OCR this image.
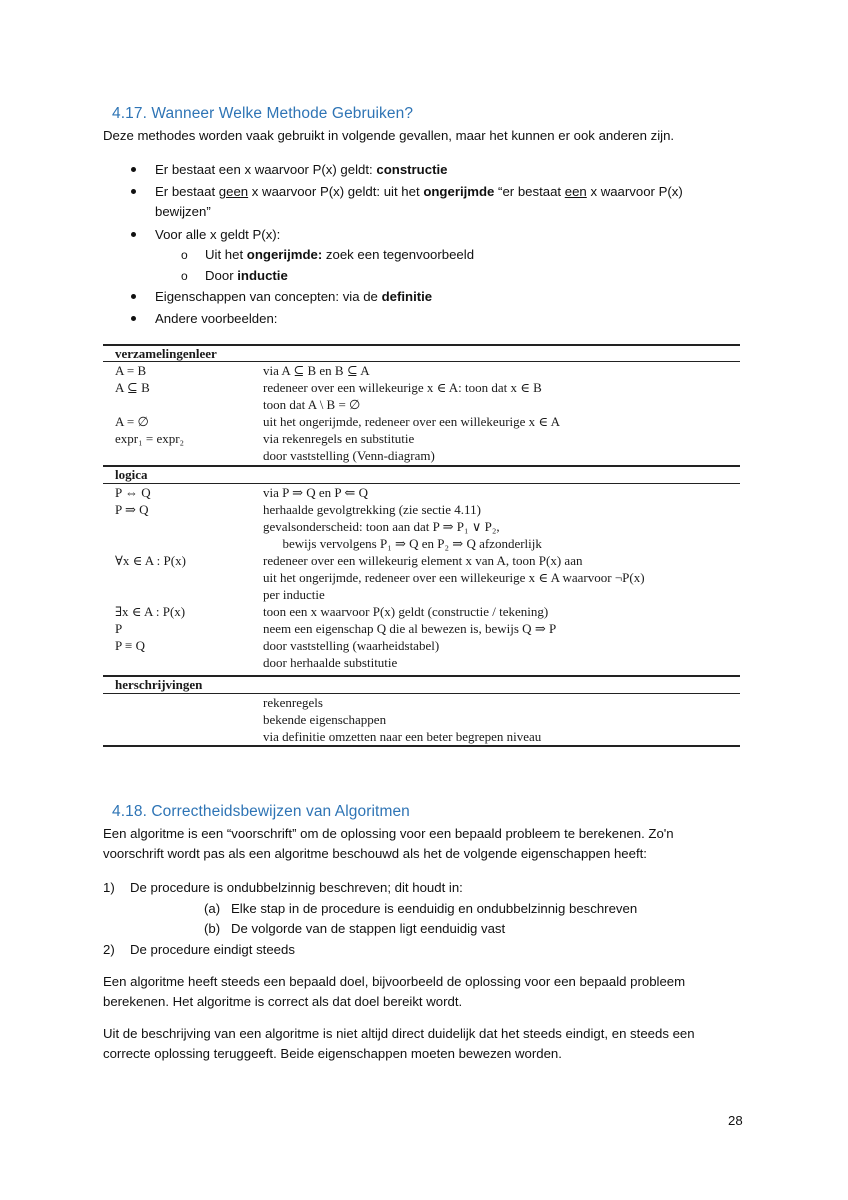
4.17. Wanneer Welke Methode Gebruiken?
Deze methodes worden vaak gebruikt in volgende gevallen, maar het kunnen er ook anderen zijn.
Er bestaat een x waarvoor P(x) geldt: constructie
Er bestaat geen x waarvoor P(x) geldt: uit het ongerijmde “er bestaat een x waarvoor P(x)
bewijzen”
Voor alle x geldt P(x):
o Uit het ongerijmde: zoek een tegenvoorbeeld
o Door inductie
Eigenschappen van concepten: via de definitie
Andere voorbeelden:
verzamelingenleer
A = B	via A ⊆ B en B ⊆ A
A ⊆ B	redeneer over een willekeurige x ∈ A: toon dat x ∈ B
toon dat A \ B = ∅
A = ∅	uit het ongerijmde, redeneer over een willekeurige x ∈ A
expr₁ = expr₂	via rekenregels en substitutie
door vaststelling (Venn-diagram)
logica
P ⇔ Q	via P ⇒ Q en P ⇐ Q
P ⇒ Q	herhaalde gevolgtrekking (zie sectie 4.11)
gevalsonderscheid: toon aan dat P ⇒ P₁ ∨ P₂,
bewijs vervolgens P₁ ⇒ Q en P₂ ⇒ Q afzonderlijk
∀x ∈ A : P(x)	redeneer over een willekeurig element x van A, toon P(x) aan
uit het ongerijmde, redeneer over een willekeurige x ∈ A waarvoor ¬P(x)
per inductie
∃x ∈ A : P(x)	toon een x waarvoor P(x) geldt (constructie / tekening)
P	neem een eigenschap Q die al bewezen is, bewijs Q ⇒ P
P ≡ Q	door vaststelling (waarheidstabel)
door herhaalde substitutie
herschrijvingen
rekenregels
bekende eigenschappen
via definitie omzetten naar een beter begrepen niveau
4.18. Correctheidsbewijzen van Algoritmen
Een algoritme is een “voorschrift” om de oplossing voor een bepaald probleem te berekenen. Zo'n
voorschrift wordt pas als een algoritme beschouwd als het de volgende eigenschappen heeft:
1) De procedure is ondubbelzinnig beschreven; dit houdt in:
(a) Elke stap in de procedure is eenduidig en ondubbelzinnig beschreven
(b) De volgorde van de stappen ligt eenduidig vast
2) De procedure eindigt steeds
Een algoritme heeft steeds een bepaald doel, bijvoorbeeld de oplossing voor een bepaald probleem
berekenen. Het algoritme is correct als dat doel bereikt wordt.
Uit de beschrijving van een algoritme is niet altijd direct duidelijk dat het steeds eindigt, en steeds een
correcte oplossing teruggeeft. Beide eigenschappen moeten bewezen worden.
28
